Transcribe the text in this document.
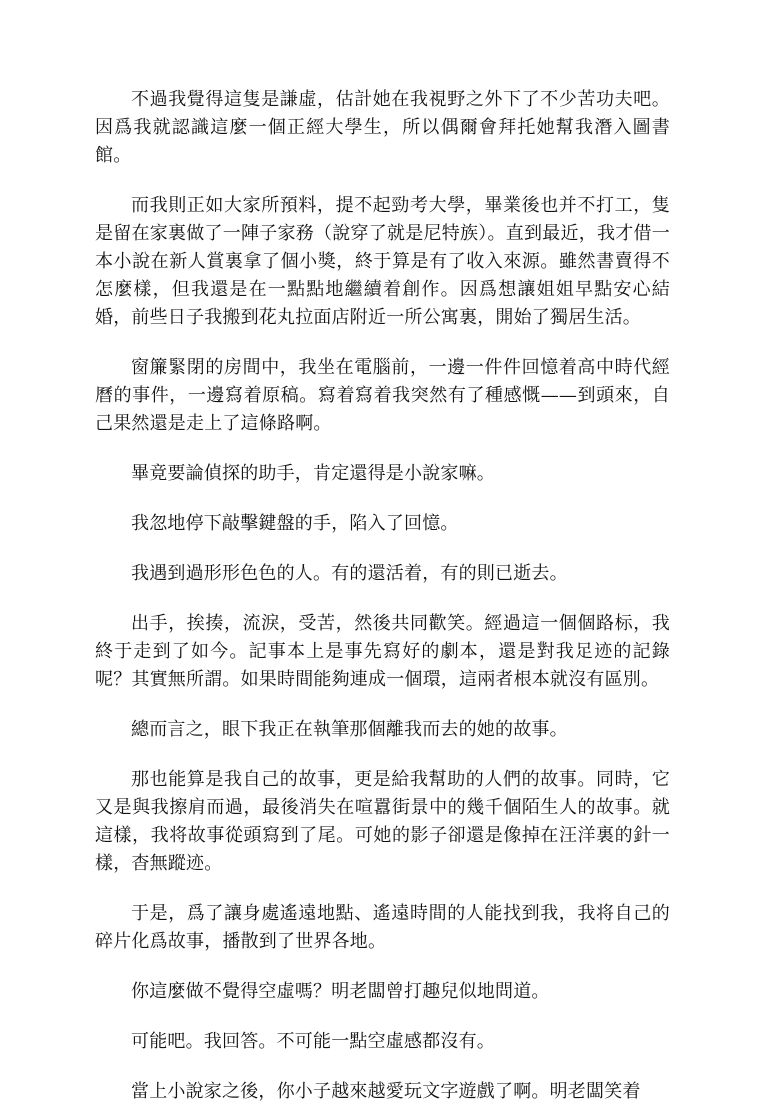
不過我覺得這隻是謙虛，估計她在我視野之外下了不少苦功夫吧。因爲我就認識這麼一個正經大學生，所以偶爾會拜托她幫我潛入圖書館。

而我則正如大家所預料，提不起勁考大學，畢業後也并不打工，隻是留在家裏做了一陣子家務（說穿了就是尼特族）。直到最近，我才借一本小說在新人賞裏拿了個小獎，終于算是有了收入來源。雖然書賣得不怎麼樣，但我還是在一點點地繼續着創作。因爲想讓姐姐早點安心結婚，前些日子我搬到花丸拉面店附近一所公寓裏，開始了獨居生活。

窗簾緊閉的房間中，我坐在電腦前，一邊一件件回憶着高中時代經曆的事件，一邊寫着原稿。寫着寫着我突然有了種感慨——到頭來，自己果然還是走上了這條路啊。

畢竟要論偵探的助手，肯定還得是小說家嘛。

我忽地停下敲擊鍵盤的手，陷入了回憶。

我遇到過形形色色的人。有的還活着，有的則已逝去。

出手，挨揍，流淚，受苦，然後共同歡笑。經過這一個個路标，我終于走到了如今。記事本上是事先寫好的劇本，還是對我足迹的記錄呢？其實無所謂。如果時間能夠連成一個環，這兩者根本就沒有區別。

總而言之，眼下我正在執筆那個離我而去的她的故事。

那也能算是我自己的故事，更是給我幫助的人們的故事。同時，它又是與我擦肩而過，最後消失在喧囂街景中的幾千個陌生人的故事。就這樣，我将故事從頭寫到了尾。可她的影子卻還是像掉在汪洋裏的針一樣，杳無蹤迹。

于是，爲了讓身處遙遠地點、遙遠時間的人能找到我，我将自己的碎片化爲故事，播散到了世界各地。

你這麼做不覺得空虛嗎？明老闆曾打趣兒似地問道。

可能吧。我回答。不可能一點空虛感都沒有。

當上小說家之後，你小子越來越愛玩文字遊戲了啊。明老闆笑着
